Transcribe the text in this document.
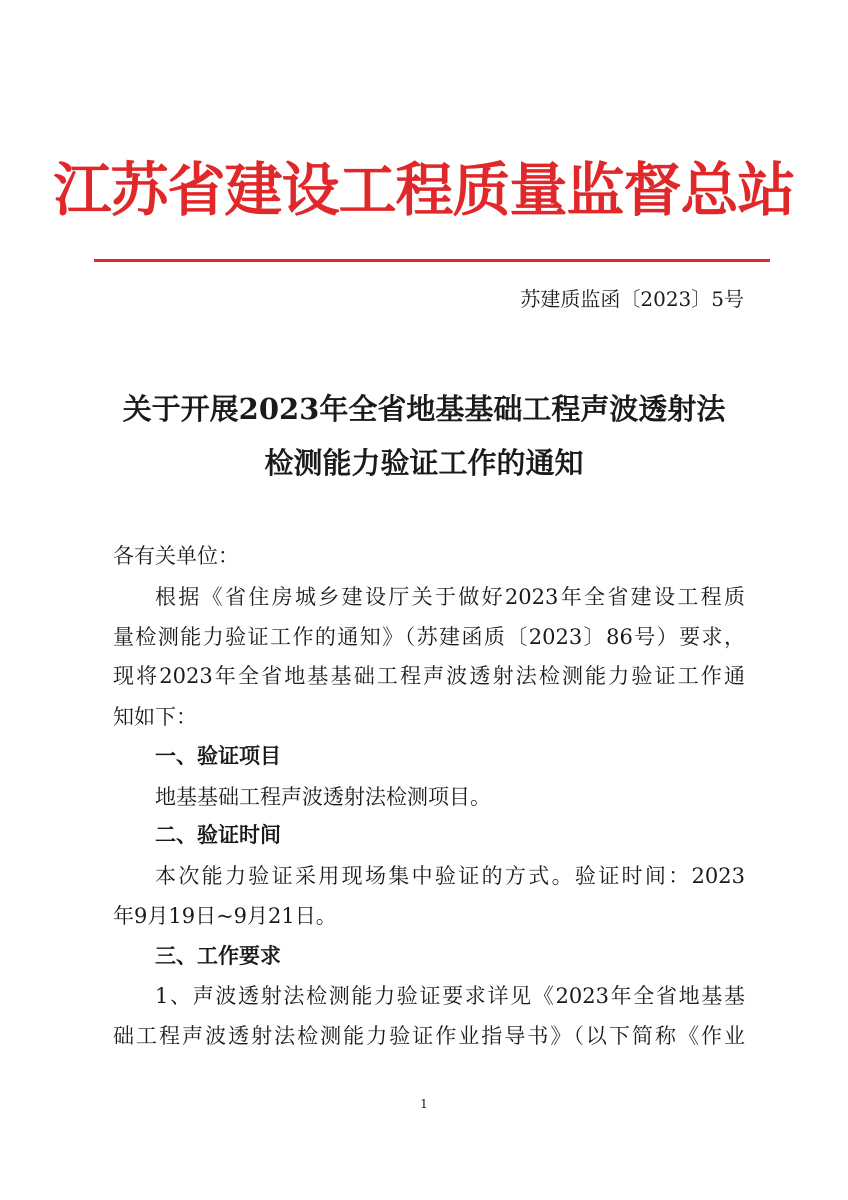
江苏省建设工程质量监督总站
苏建质监函〔2023〕5号
关于开展2023年全省地基基础工程声波透射法
检测能力验证工作的通知
各有关单位：
根据《省住房城乡建设厅关于做好2023年全省建设工程质
量检测能力验证工作的通知》（苏建函质〔2023〕86号）要求，
现将2023年全省地基基础工程声波透射法检测能力验证工作通
知如下：
一、验证项目
地基基础工程声波透射法检测项目。
二、验证时间
本次能力验证采用现场集中验证的方式。验证时间：2023
年9月19日~9月21日。
三、工作要求
1、声波透射法检测能力验证要求详见《2023年全省地基基
础工程声波透射法检测能力验证作业指导书》（以下简称《作业
1
